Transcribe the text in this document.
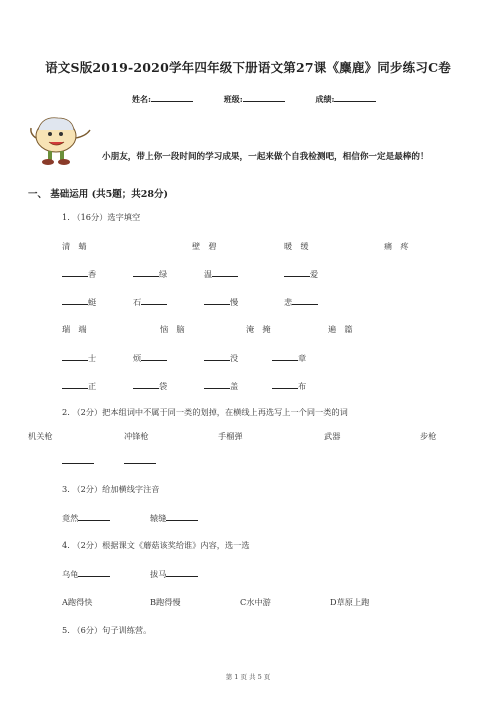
语文S版2019-2020学年四年级下册语文第27课《麋鹿》同步练习C卷
姓名:	班级:	成绩:
小朋友，带上你一段时间的学习成果，一起来做个自我检测吧，相信你一定是最棒的！
一、 基础运用 (共5题；共28分)
1. （16分）选字填空
清　蜻	壁　碧	暖　缓	痛　疼
香	绿	温	爱
蜓	石	慢	悲
瑞　端	恼　脑	淹　掩	遍　篇
士	烦	没	章
正	袋	盖	布
2. （2分）把本组词中不属于同一类的划掉，在横线上再选写上一个同一类的词
机关枪	冲锋枪	手榴弹	武器	步枪
3. （2分）给加横线字注音
竟然	辕缝
4. （2分）根据课文《蘑菇该奖给谁》内容，选一选
乌龟	拔马
A跑得快	B跑得慢	C水中游	D草原上跑
5. （6分）句子训练营。
第 1 页 共 5 页
